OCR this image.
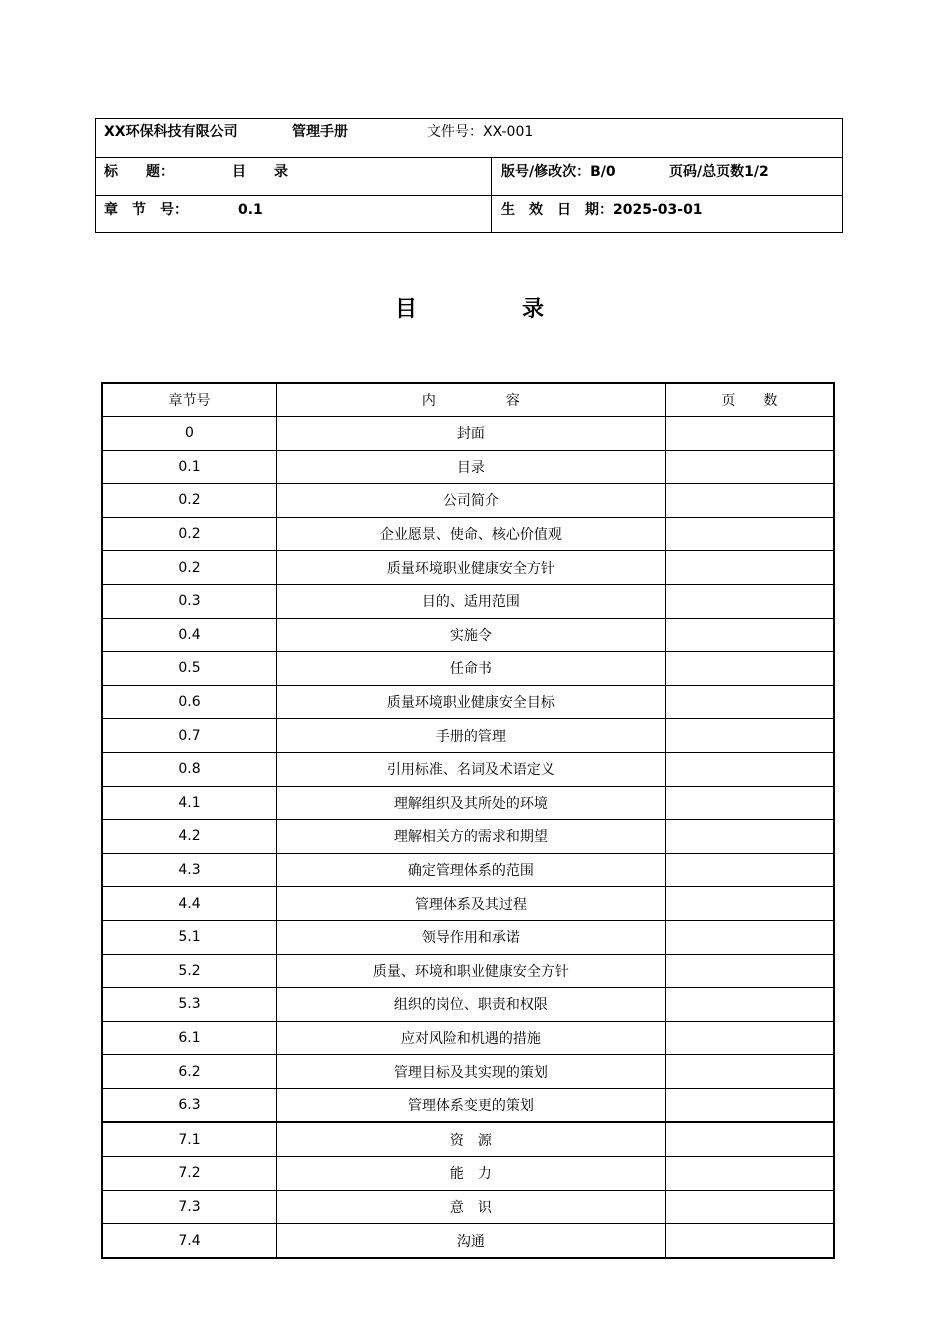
XX环保科技有限公司	管理手册	文件号：XX-001
标　　题：	目　　录	版号/修改次：B/0	页码/总页数1/2
章　节　号：	0.1	生　效　日　期：2025-03-01
目	录
章节号	内　　　　　容	页　　数
0	封面	
0.1	目录	
0.2	公司简介	
0.2	企业愿景、使命、核心价值观	
0.2	质量环境职业健康安全方针	
0.3	目的、适用范围	
0.4	实施令	
0.5	任命书	
0.6	质量环境职业健康安全目标	
0.7	手册的管理	
0.8	引用标准、名词及术语定义	
4.1	理解组织及其所处的环境	
4.2	理解相关方的需求和期望	
4.3	确定管理体系的范围	
4.4	管理体系及其过程	
5.1	领导作用和承诺	
5.2	质量、环境和职业健康安全方针	
5.3	组织的岗位、职责和权限	
6.1	应对风险和机遇的措施	
6.2	管理目标及其实现的策划	
6.3	管理体系变更的策划	
7.1	资　源	
7.2	能　力	
7.3	意　识	
7.4	沟通	
